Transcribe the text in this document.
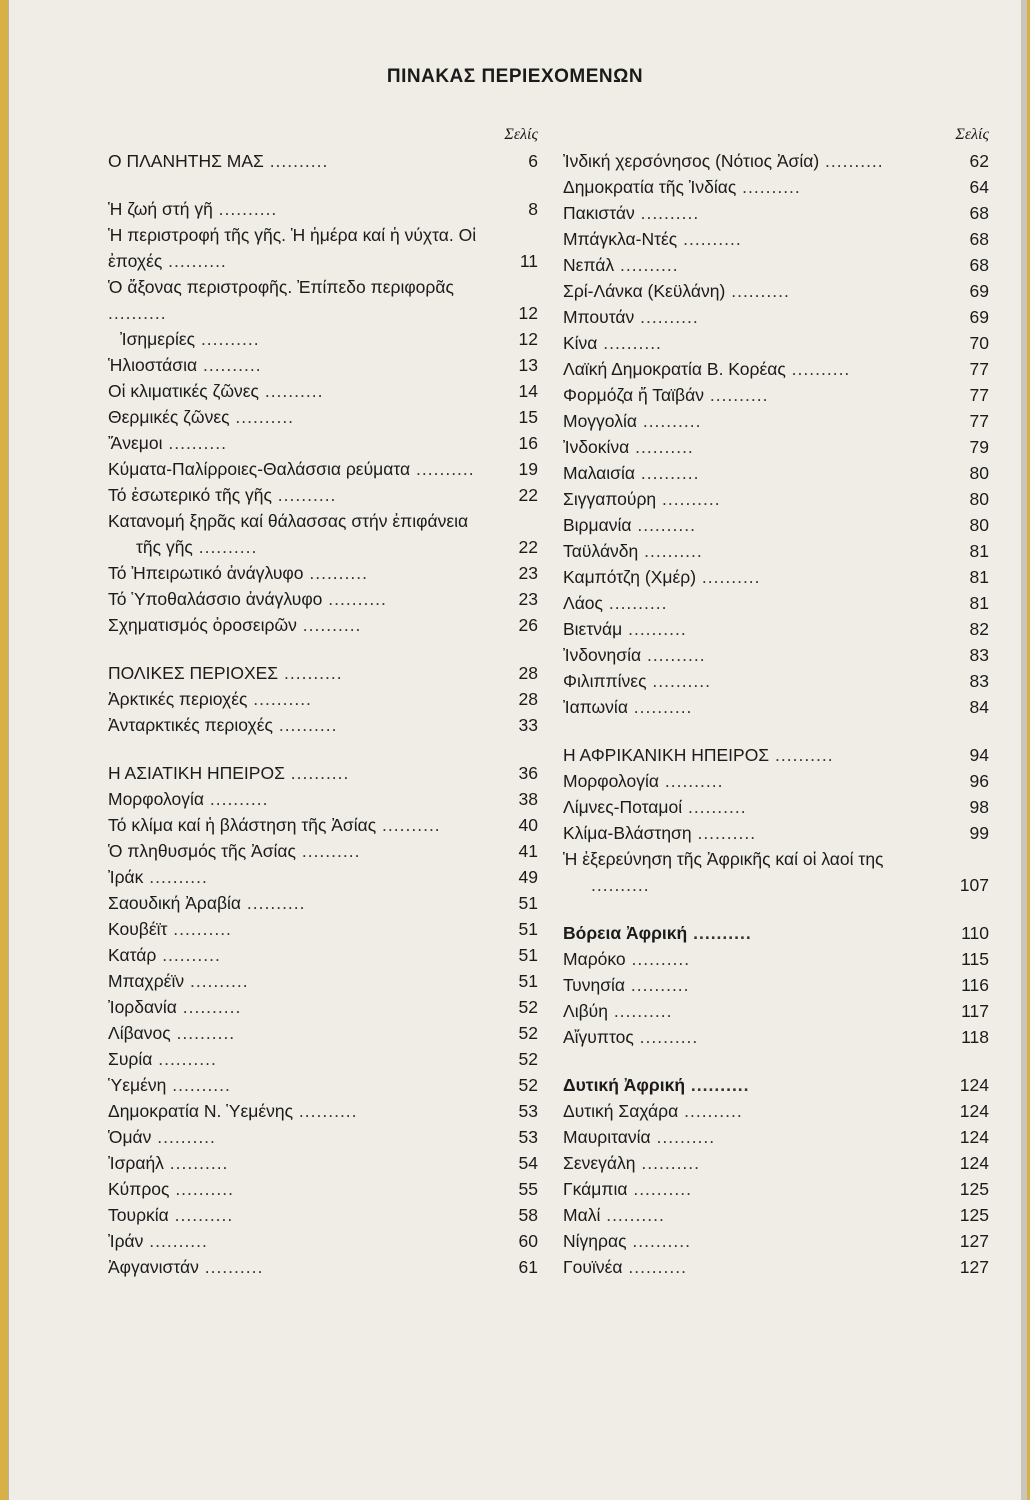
ΠΙΝΑΚΑΣ ΠΕΡΙΕΧΟΜΕΝΩΝ
Σελίς
Ο ΠΛΑΝΗΤΗΣ ΜΑΣ ..........	6
Ἡ ζωή στή γῆ ..........	8
Ἡ περιστροφή τῆς γῆς. Ἡ ἡμέρα καί ἡ νύχτα. Οἱ ἐποχές ..........	11
Ὁ ἄξονας περιστροφῆς. Ἐπίπεδο περιφορᾶς ..........	12
Ἰσημερίες ..........	12
Ἡλιοστάσια ..........	13
Οἱ κλιματικές ζῶνες ..........	14
Θερμικές ζῶνες ..........	15
Ἄνεμοι ..........	16
Κύματα-Παλίρροιες-Θαλάσσια ρεύματα ..........	19
Τό ἐσωτερικό τῆς γῆς ..........	22
Κατανομή ξηρᾶς καί θάλασσας στήν ἐπιφάνεια τῆς γῆς ..........	22
Τό Ἠπειρωτικό ἀνάγλυφο ..........	23
Τό Ὑποθαλάσσιο ἀνάγλυφο ..........	23
Σχηματισμός ὀροσειρῶν ..........	26
ΠΟΛΙΚΕΣ ΠΕΡΙΟΧΕΣ ..........	28
Ἀρκτικές περιοχές ..........	28
Ἀνταρκτικές περιοχές ..........	33
Η ΑΣΙΑΤΙΚΗ ΗΠΕΙΡΟΣ ..........	36
Μορφολογία ..........	38
Τό κλίμα καί ἡ βλάστηση τῆς Ἀσίας ..........	40
Ὁ πληθυσμός τῆς Ἀσίας ..........	41
Ἰράκ ..........	49
Σαουδική Ἀραβία ..........	51
Κουβέϊτ ..........	51
Κατάρ ..........	51
Μπαχρέϊν ..........	51
Ἰορδανία ..........	52
Λίβανος ..........	52
Συρία ..........	52
Ὑεμένη ..........	52
Δημοκρατία Ν. Ὑεμένης ..........	53
Ὁμάν ..........	53
Ἰσραήλ ..........	54
Κύπρος ..........	55
Τουρκία ..........	58
Ἰράν ..........	60
Ἀφγανιστάν ..........	61
Σελίς
Ἰνδική χερσόνησος (Νότιος Ἀσία) ..........	62
Δημοκρατία τῆς Ἰνδίας ..........	64
Πακιστάν ..........	68
Μπάγκλα-Ντές ..........	68
Νεπάλ ..........	68
Σρί-Λάνκα (Κεϋλάνη) ..........	69
Μπουτάν ..........	69
Κίνα ..........	70
Λαϊκή Δημοκρατία Β. Κορέας ..........	77
Φορμόζα ἤ Ταϊβάν ..........	77
Μογγολία ..........	77
Ἰνδοκίνα ..........	79
Μαλαισία ..........	80
Σιγγαπούρη ..........	80
Βιρμανία ..........	80
Ταϋλάνδη ..........	81
Καμπότζη (Χμέρ) ..........	81
Λάος ..........	81
Βιετνάμ ..........	82
Ἰνδονησία ..........	83
Φιλιππίνες ..........	83
Ἰαπωνία ..........	84
Η ΑΦΡΙΚΑΝΙΚΗ ΗΠΕΙΡΟΣ ..........	94
Μορφολογία ..........	96
Λίμνες-Ποταμοί ..........	98
Κλίμα-Βλάστηση ..........	99
Ἡ ἐξερεύνηση τῆς Ἀφρικῆς καί οἱ λαοί της ..........	107
Βόρεια Ἀφρική ..........	110
Μαρόκο ..........	115
Τυνησία ..........	116
Λιβύη ..........	117
Αἴγυπτος ..........	118
Δυτική Ἀφρική ..........	124
Δυτική Σαχάρα ..........	124
Μαυριτανία ..........	124
Σενεγάλη ..........	124
Γκάμπια ..........	125
Μαλί ..........	125
Νίγηρας ..........	127
Γουϊνέα ..........	127
